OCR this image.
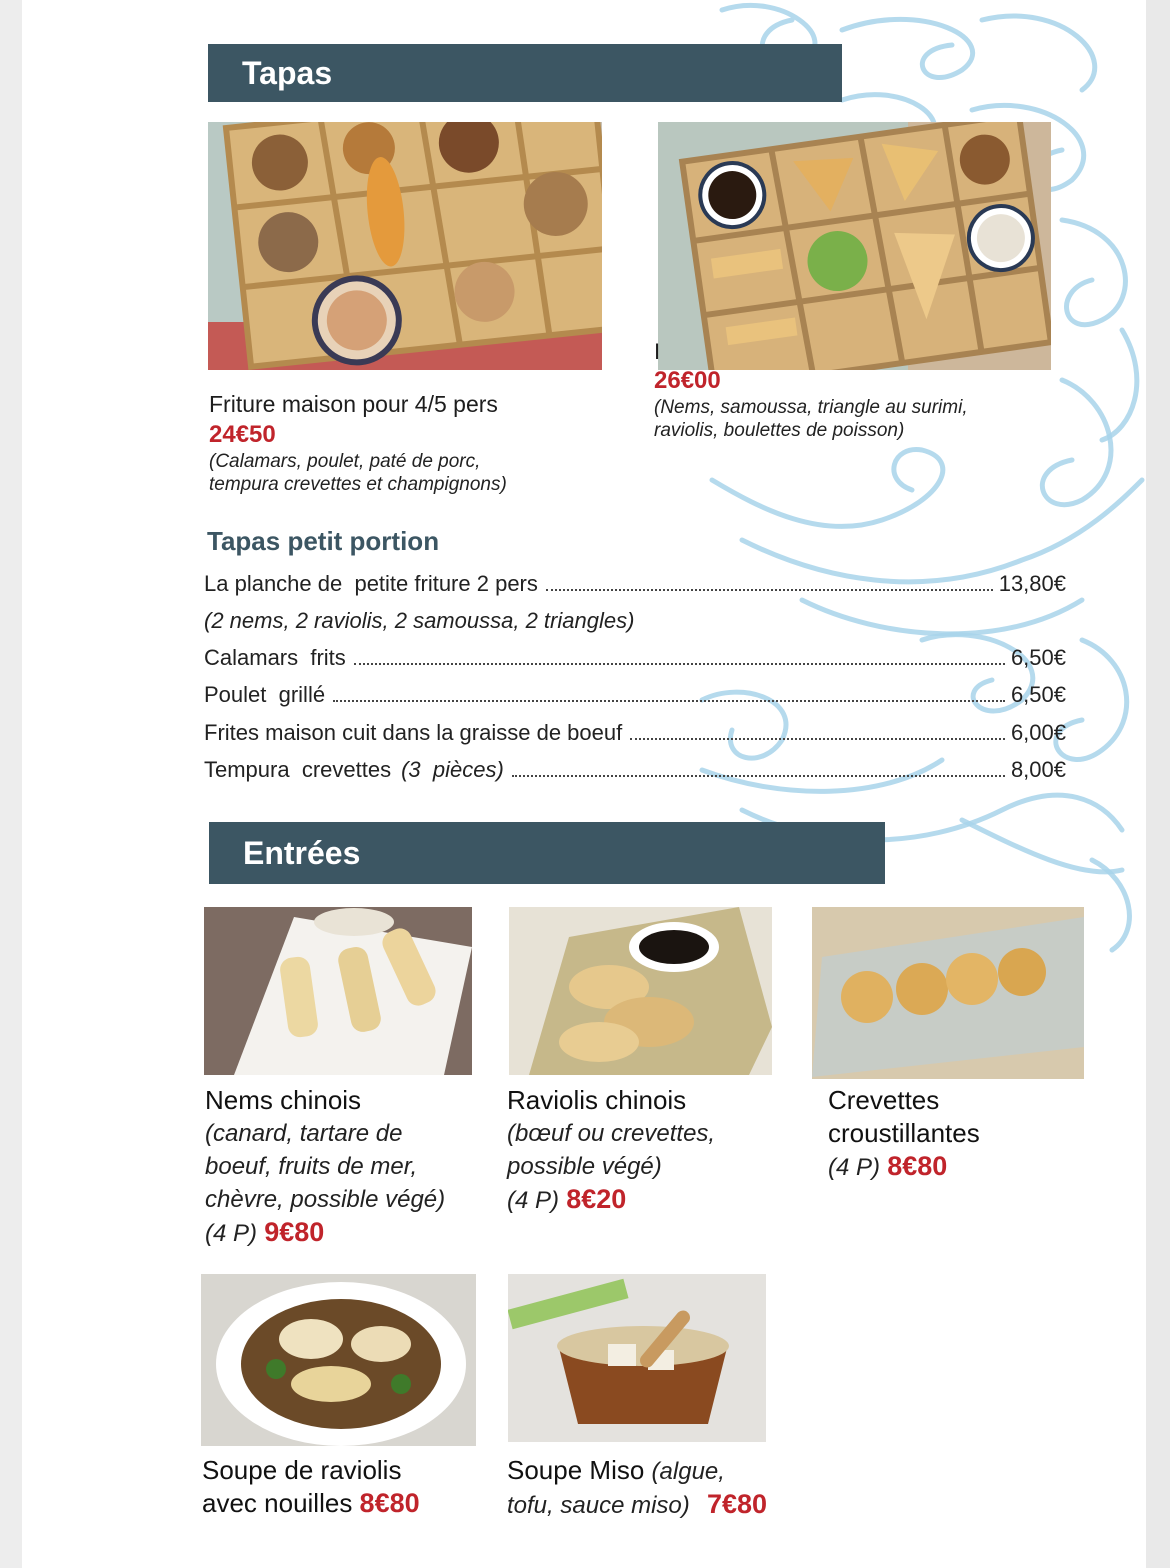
Tapas
Friture maison pour 4/5 pers
24€50
(Calamars, poulet, paté de porc,
tempura crevettes et champignons)
I
26€00
(Nems, samoussa, triangle au surimi,
raviolis, boulettes de poisson)
Tapas petit portion
La planche de  petite friture 2 pers	13,80€
(2 nems, 2 raviolis, 2 samoussa, 2 triangles)
Calamars  frits	6,50€
Poulet  grillé	6,50€
Frites maison cuit dans la graisse de boeuf	6,00€
Tempura  crevettes (3  pièces)	8,00€
Entrées
Nems chinois
(canard, tartare de
boeuf, fruits de mer,
chèvre, possible végé)
(4 P) 9€80
Raviolis chinois
(bœuf ou crevettes,
possible végé)
(4 P) 8€20
Crevettes
croustillantes
(4 P) 8€80
Soupe de raviolis
avec nouilles 8€80
Soupe Miso (algue,
tofu, sauce miso) 7€80
